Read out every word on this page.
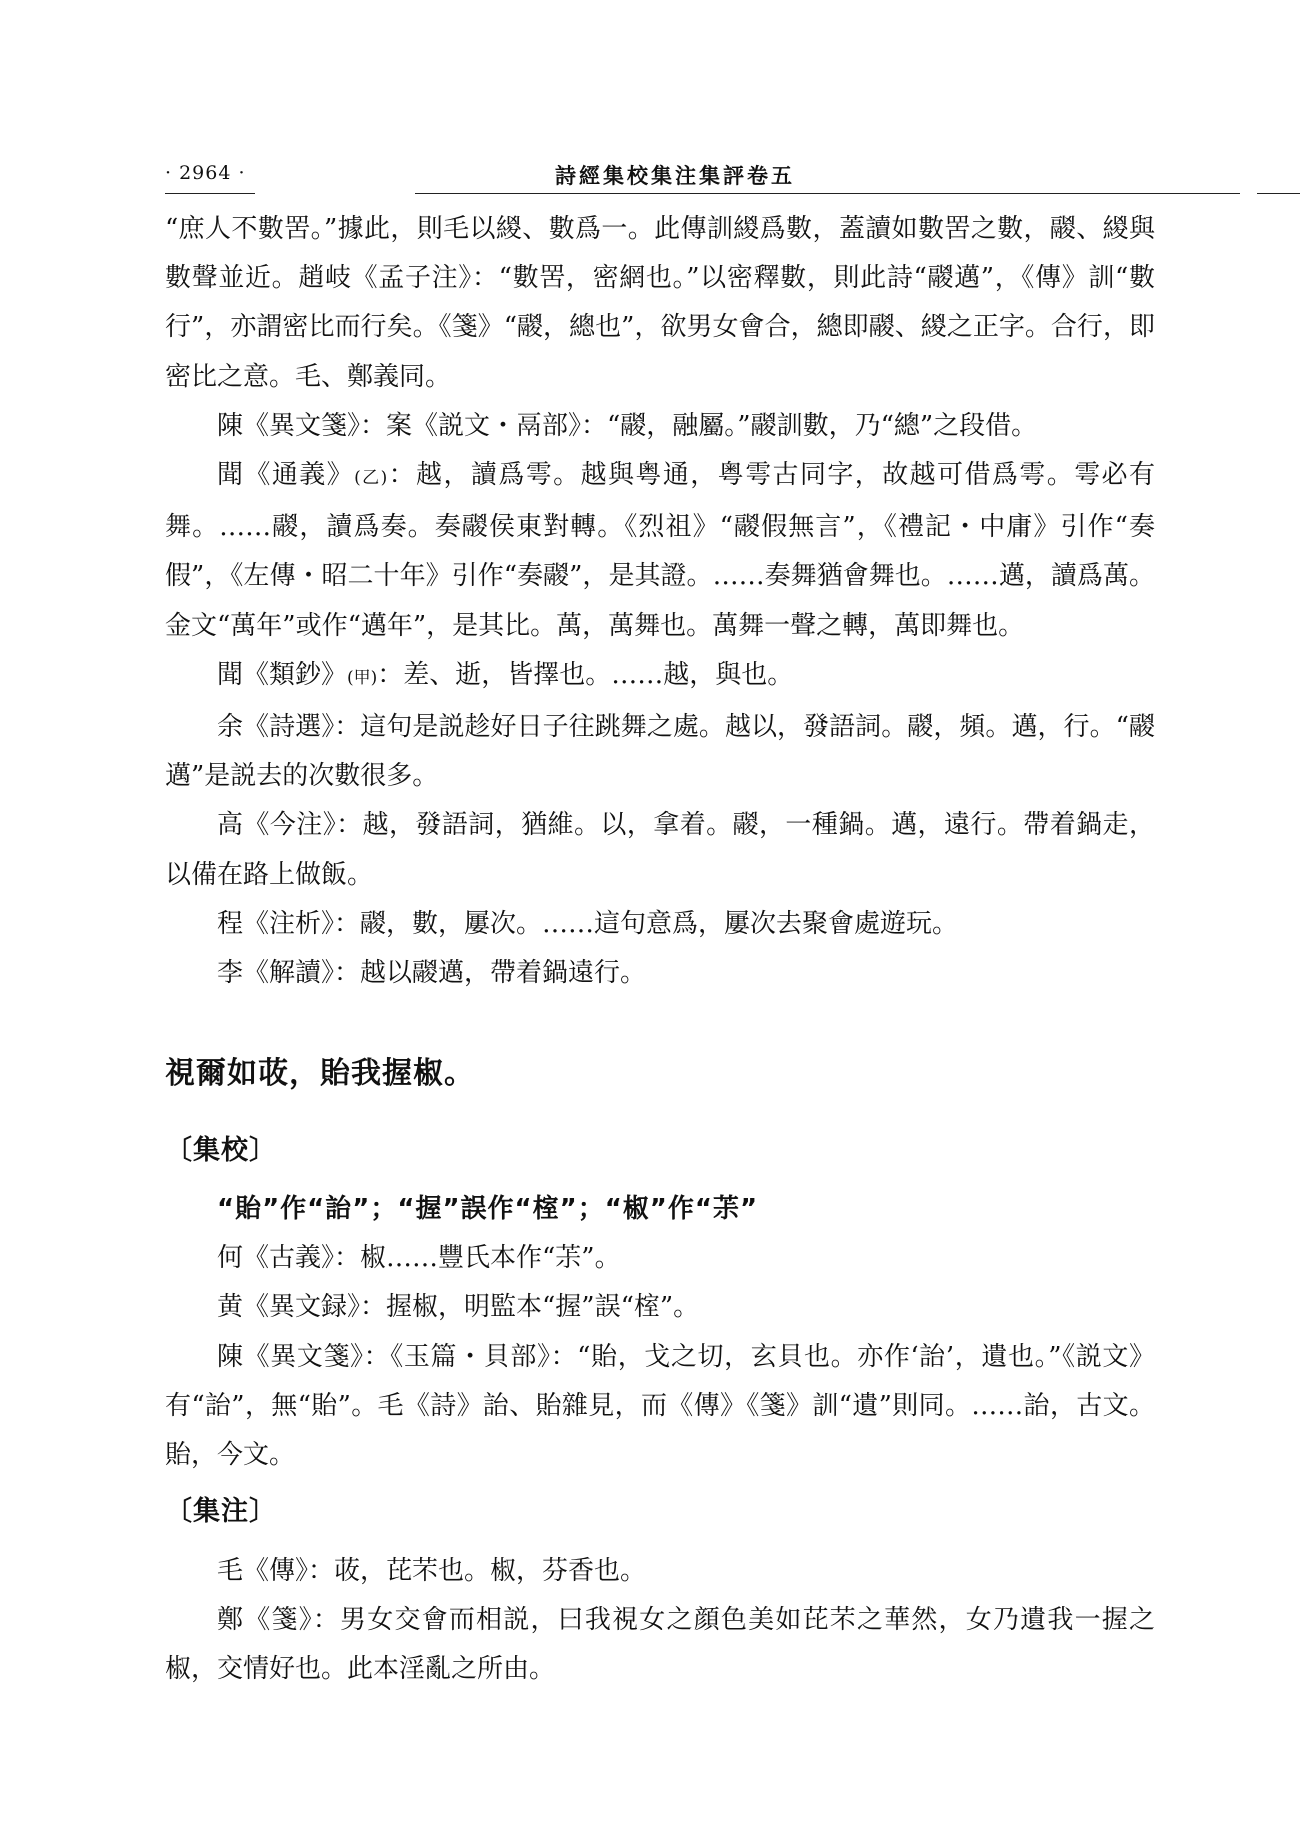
· 2964 ·	詩經集校集注集評卷五

“庶人不數罟。”據此，則毛以緵、數爲一。此傳訓緵爲數，蓋讀如數罟之數，鬷、緵與數聲並近。趙岐《孟子注》：“數罟，密網也。”以密釋數，則此詩“鬷邁”，《傳》訓“數行”，亦謂密比而行矣。《箋》“鬷，總也”，欲男女會合，總即鬷、緵之正字。合行，即密比之意。毛、鄭義同。

陳《異文箋》：案《説文・鬲部》：“鬷，融屬。”鬷訓數，乃“總”之段借。

聞《通義》(乙)：越，讀爲雩。越與粤通，粤雩古同字，故越可借爲雩。雩必有舞。……鬷，讀爲奏。奏鬷侯東對轉。《烈祖》“鬷假無言”，《禮記・中庸》引作“奏假”，《左傳・昭二十年》引作“奏鬷”，是其證。……奏舞猶會舞也。……邁，讀爲萬。金文“萬年”或作“邁年”，是其比。萬，萬舞也。萬舞一聲之轉，萬即舞也。

聞《類鈔》(甲)：差、逝，皆擇也。……越，與也。

余《詩選》：這句是説趁好日子往跳舞之處。越以，發語詞。鬷，頻。邁，行。“鬷邁”是説去的次數很多。

高《今注》：越，發語詞，猶維。以，拿着。鬷，一種鍋。邁，遠行。帶着鍋走，以備在路上做飯。

程《注析》：鬷，數，屢次。……這句意爲，屢次去聚會處遊玩。

李《解讀》：越以鬷邁，帶着鍋遠行。

視爾如荍，貽我握椒。
〔集校〕

“貽”作“詒”；“握”誤作“榁”；“椒”作“茮”

何《古義》：椒……豐氏本作“茮”。

黄《異文録》：握椒，明監本“握”誤“榁”。

陳《異文箋》：《玉篇・貝部》：“貽，戈之切，玄貝也。亦作‘詒’，遺也。”《説文》有“詒”，無“貽”。毛《詩》詒、貽雜見，而《傳》《箋》訓“遺”則同。……詒，古文。貽，今文。

〔集注〕

毛《傳》：荍，芘芣也。椒，芬香也。

鄭《箋》：男女交會而相説，曰我視女之顔色美如芘芣之華然，女乃遺我一握之椒，交情好也。此本淫亂之所由。
